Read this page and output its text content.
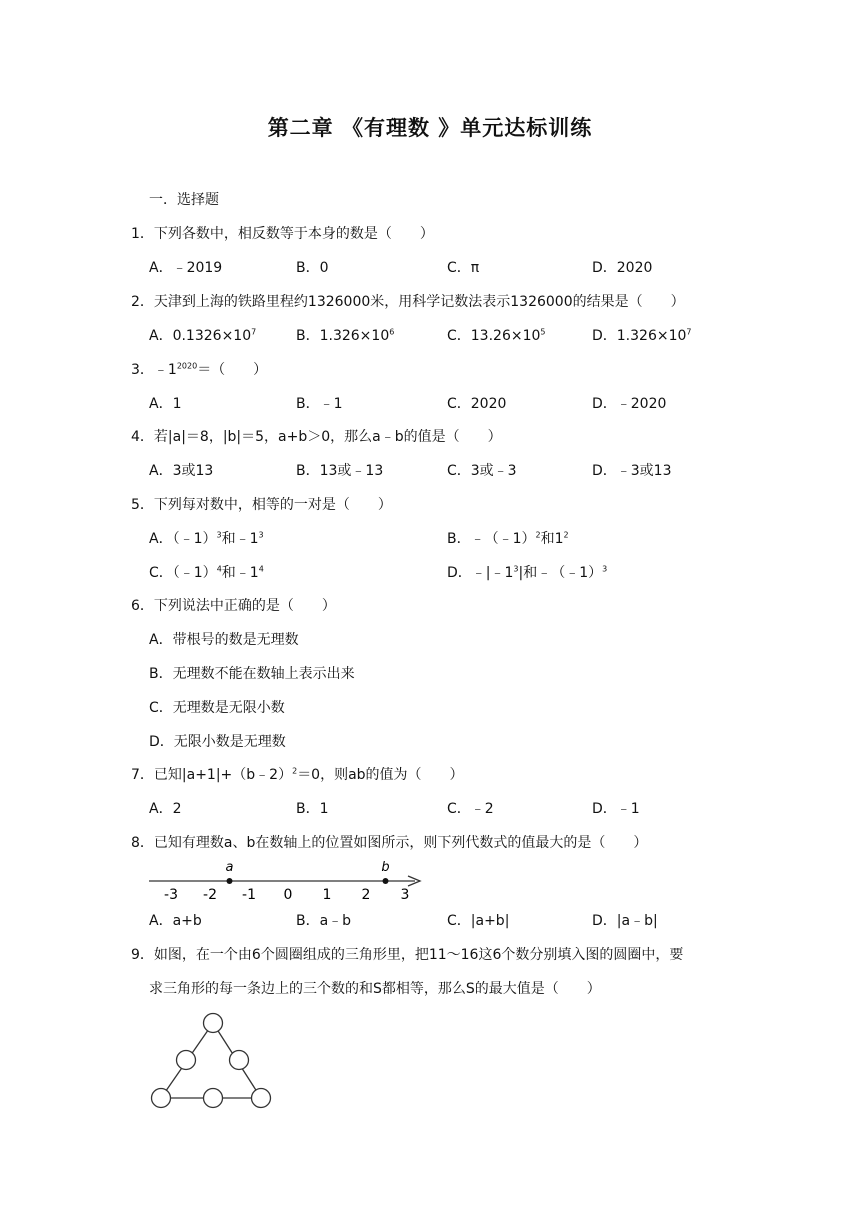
第二章 《有理数 》单元达标训练
一．选择题
1．下列各数中，相反数等于本身的数是（　　）
A．﹣2019	B．0	C．π	D．2020
2．天津到上海的铁路里程约1326000米，用科学记数法表示1326000的结果是（　　）
A．$0.1326\times 10^7$	B．$1.326\times 10^6$	C．$13.26\times 10^5$	D．$1.326\times 10^7$
3．$﹣1^{2020}=$（　　）
A．1	B．﹣1	C．2020	D．﹣2020
4．若|a|＝8，|b|＝5，a+b＞0，那么a﹣b的值是（　　）
A．3或13	B．13或﹣13	C．3或﹣3	D．﹣3或13
5．下列每对数中，相等的一对是（　　）
A．（﹣1）$^3$和$﹣1^3$	B．﹣（﹣1）$^2$和$1^2$
C．（﹣1）$^4$和$﹣1^4$	D．$﹣|﹣1^3|$和﹣（﹣1）$^3$
6．下列说法中正确的是（　　）
A．带根号的数是无理数
B．无理数不能在数轴上表示出来
C．无理数是无限小数
D．无限小数是无理数
7．已知|a+1|+（b﹣2）$^2$＝0，则ab的值为（　　）
A．2	B．1	C．﹣2	D．﹣1
8．已知有理数a、b在数轴上的位置如图所示，则下列代数式的值最大的是（　　）
-3 -2 -1 0 1 2 3
a	b
A．a+b	B．a﹣b	C．|a+b|	D．|a﹣b|
9．如图，在一个由6个圆圈组成的三角形里，把11～16这6个数分别填入图的圆圈中，要
求三角形的每一条边上的三个数的和S都相等，那么S的最大值是（　　）
